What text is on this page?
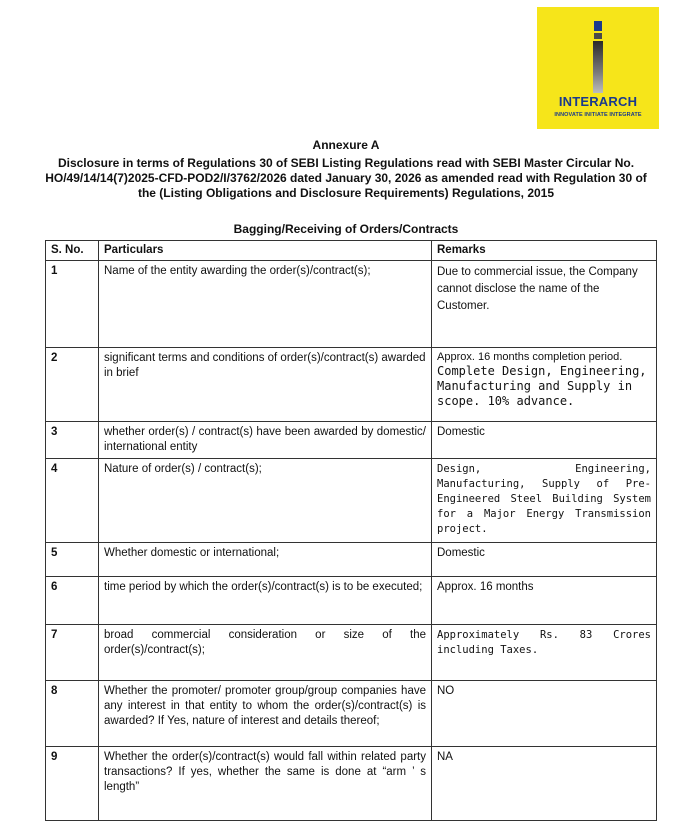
INTERARCH
INNOVATE INITIATE INTEGRATE
Annexure A
Disclosure in terms of Regulations 30 of SEBI Listing Regulations read with SEBI Master Circular No. HO/49/14/14(7)2025-CFD-POD2/I/3762/2026 dated January 30, 2026 as amended read with Regulation 30 of the (Listing Obligations and Disclosure Requirements) Regulations, 2015
Bagging/Receiving of Orders/Contracts
S. No.	Particulars	Remarks
1	Name of the entity awarding the order(s)/contract(s);	Due to commercial issue, the Company cannot disclose the name of the Customer.
2	significant terms and conditions of order(s)/contract(s) awarded in brief	Approx. 16 months completion period.
Complete Design, Engineering, Manufacturing and Supply in scope. 10% advance.

3	whether order(s) / contract(s) have been awarded by domestic/ international entity	Domestic
4	Nature of order(s) / contract(s);	Design, Engineering, Manufacturing, Supply of Pre-Engineered Steel Building System for a Major Energy Transmission project.
5	Whether domestic or international;	Domestic
6	time period by which the order(s)/contract(s) is to be executed;	Approx. 16 months
7	broad commercial consideration or size of the order(s)/contract(s);	Approximately Rs. 83 Crores including Taxes.
8	Whether the promoter/ promoter group/group companies have any interest in that entity to whom the order(s)/contract(s) is awarded? If Yes, nature of interest and details thereof;	NO
9	Whether the order(s)/contract(s) would fall within related party transactions? If yes, whether the same is done at “arm ’ s length”	NA
